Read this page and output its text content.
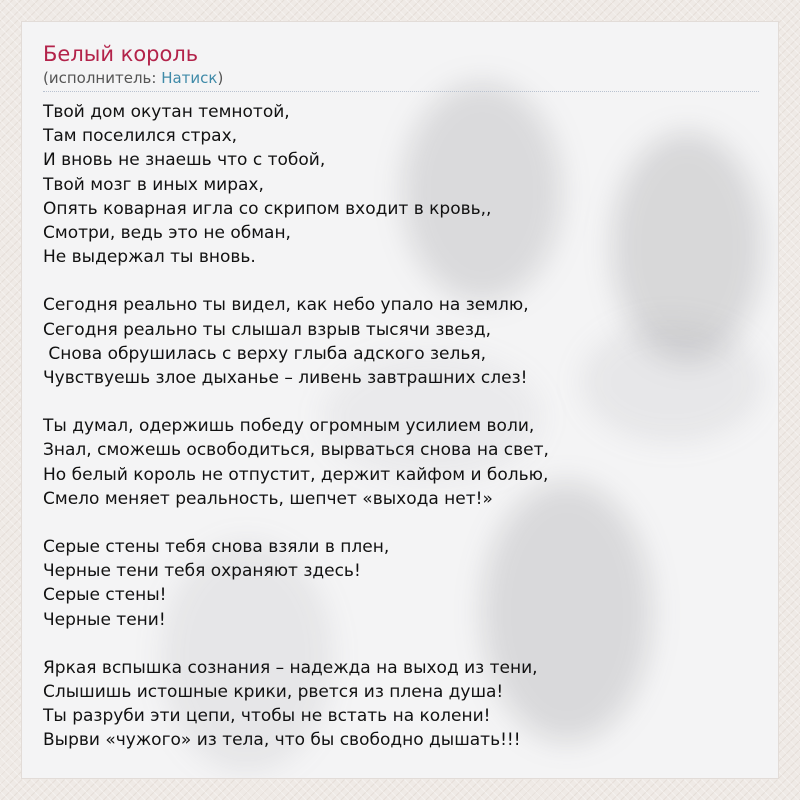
Белый король
(исполнитель: Натиск)
Твой дом окутан темнотой,
Там поселился страх,
И вновь не знаешь что с тобой,
Твой мозг в иных мирах,
Опять коварная игла со скрипом входит в кровь,,
Смотри, ведь это не обман,
Не выдержал ты вновь.
Сегодня реально ты видел, как небо упало на землю,
Сегодня реально ты слышал взрыв тысячи звезд,
Снова обрушилась с верху глыба адского зелья,
Чувствуешь злое дыханье – ливень завтрашних слез!
Ты думал, одержишь победу огромным усилием воли,
Знал, сможешь освободиться, вырваться снова на свет,
Но белый король не отпустит, держит кайфом и болью,
Смело меняет реальность, шепчет «выхода нет!»
Серые стены тебя снова взяли в плен,
Черные тени тебя охраняют здесь!
Серые стены!
Черные тени!
Яркая вспышка сознания – надежда на выход из тени,
Слышишь истошные крики, рвется из плена душа!
Ты разруби эти цепи, чтобы не встать на колени!
Вырви «чужого» из тела, что бы свободно дышать!!!
